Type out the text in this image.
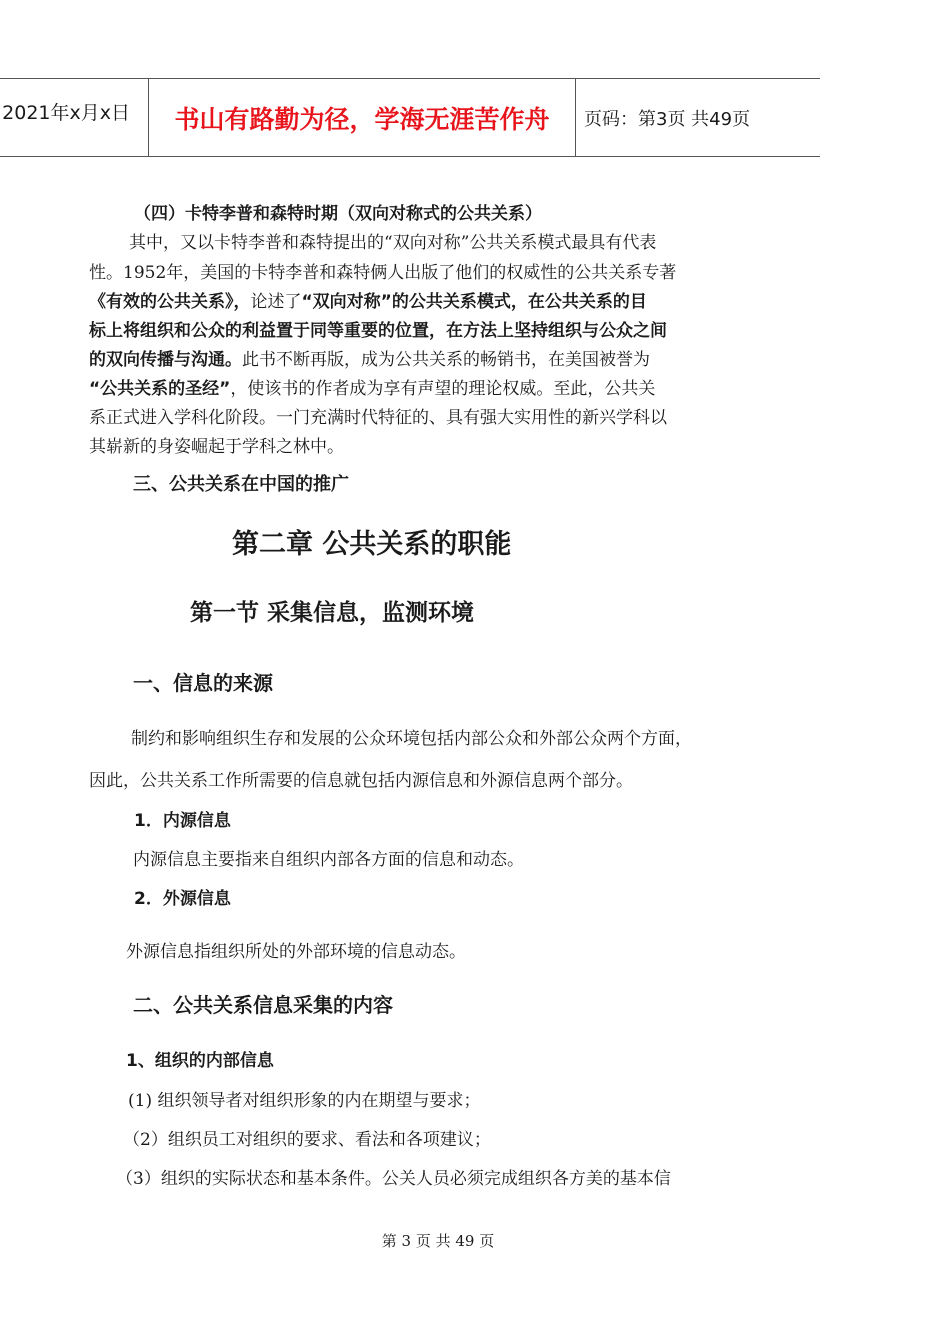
2021年x月x日	书山有路勤为径，学海无涯苦作舟	页码：第3页 共49页
（四）卡特李普和森特时期（双向对称式的公共关系）
其中，又以卡特李普和森特提出的“双向对称”公共关系模式最具有代表
性。1952年，美国的卡特李普和森特俩人出版了他们的权威性的公共关系专著
《有效的公共关系》，论述了“双向对称”的公共关系模式，在公共关系的目
标上将组织和公众的利益置于同等重要的位置，在方法上坚持组织与公众之间
的双向传播与沟通。此书不断再版，成为公共关系的畅销书，在美国被誉为
“公共关系的圣经”，使该书的作者成为享有声望的理论权威。至此，公共关
系正式进入学科化阶段。一门充满时代特征的、具有强大实用性的新兴学科以
其崭新的身姿崛起于学科之林中。
三、公共关系在中国的推广
第二章 公共关系的职能
第一节 采集信息，监测环境
一、信息的来源
制约和影响组织生存和发展的公众环境包括内部公众和外部公众两个方面，
因此，公共关系工作所需要的信息就包括内源信息和外源信息两个部分。
1．内源信息
内源信息主要指来自组织内部各方面的信息和动态。
2．外源信息
外源信息指组织所处的外部环境的信息动态。
二、公共关系信息采集的内容
1、组织的内部信息
(1) 组织领导者对组织形象的内在期望与要求；
（2）组织员工对组织的要求、看法和各项建议；
（3）组织的实际状态和基本条件。公关人员必须完成组织各方美的基本信
第 3 页 共 49 页
